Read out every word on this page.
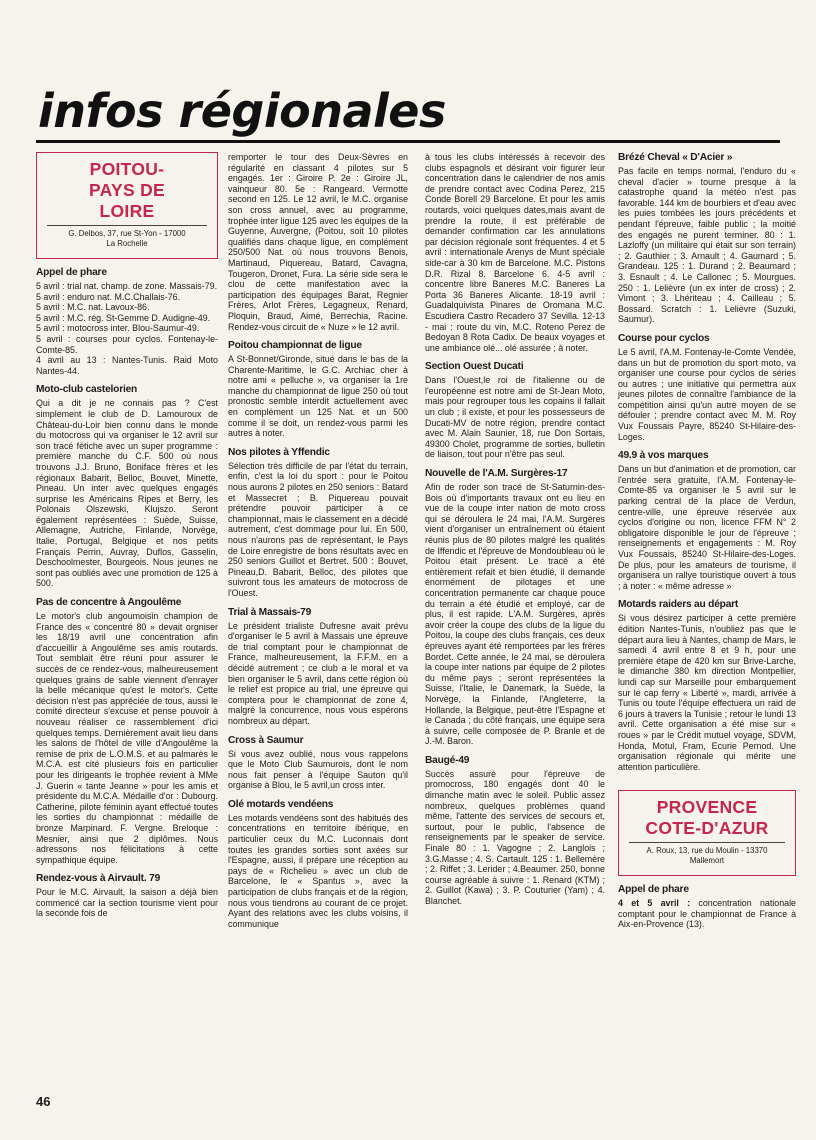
infos régionales
POITOU-
PAYS DE
LOIRE
G. Delbos, 37, rue St-Yon - 17000
La Rochelle
Appel de phare
5 avril : trial nat. champ. de zone. Massais-79.
5 avril : enduro nat. M.C.Challais-76.
5 avril : M.C. nat. Lavoux-86.
5 avril : M.C. rég. St-Gemme D. Audigne-49.
5 avril : motocross inter. Blou-Saumur-49.
5 avril : courses pour cyclos. Fontenay-le-Comte-85.
4 avril au 13 : Nantes-Tunis. Raid Moto Nantes-44.
Moto-club castelorien

Qui a dit je ne connais pas ? C'est simplement le club de D. Lamouroux de Château-du-Loir bien connu dans le monde du motocross qui va organiser le 12 avril sur son tracé fétiche avec un super programme : première manche du C.F. 500 où nous trouvons J.J. Bruno, Boniface frères et les régionaux Babarit, Belloc, Bouvet, Minette, Pineau. Un inter avec quelques engagés surprise les Américains Ripes et Berry, les Polonais Olszewski, Klujszo. Seront également représentées : Suède, Suisse, Allemagne, Autriche, Finlande, Norvège, Italie, Portugal, Belgique et nos petits Français Perrin, Auvray, Duflos, Gasselin, Deschoolmester, Bourgeois. Nous jeunes ne sont pas oubliés avec une promotion de 125 à 500.

Pas de concentre à Angoulême

Le motor's club angoumoisin champion de France des « concentré 80 » devait orgniser les 18/19 avril une concentration afin d'accueillir à Angoulême ses amis routards. Tout semblait être réuni pour assurer le succès de ce rendez-vous, malheureusement quelques grains de sable viennent d'enrayer la belle mécanique qu'est le motor's. Cette décision n'est pas appréciée de tous, aussi le comité directeur s'excuse et pense pouvoir à nouveau réaliser ce rassemblement d'ici quelques temps. Dernièrement avait lieu dans les salons de l'hôtel de ville d'Angoulême la remise de prix de L.O.M.S. et au palmarès le M.C.A. est cité plusieurs fois en particulier pour les dirigeants le trophée revient à MMe J. Guerin « tante Jeanne » pour les amis et présidente du M.C.A. Médaille d'or : Dubourg. Catherine, pilote féminin ayant effectué toutes les sorties du championnat : médaille de bronze Marpinard. F. Vergne. Breloque : Mesnier, ainsi que 2 diplômes. Nous adressons nos félicitations à cette sympathique équipe.

Rendez-vous à Airvault. 79

Pour le M.C. Airvault, la saison a déjà bien commencé car la section tourisme vient pour la seconde fois de

remporter le tour des Deux-Sèvres en régularité en classant 4 pilotes sur 5 engagés. 1er : Giroire P. 2e : Giroire JL, vainqueur 80. 5e : Rangeard. Vermotte second en 125. Le 12 avril, le M.C. organise son cross annuel, avec au programme, trophée inter ligue 125 avec les équipes de la Guyenne, Auvergne, (Poitou, soit 10 pilotes qualifiés dans chaque ligue, en complément 250/500 Nat. où nous trouvons Benois, Martinaud, Piquereau, Batard, Cavagna, Tougeron, Dronet, Fura. La série side sera le clou de cette manifestation avec la participation des équipages Barat, Regnier Frères, Arlot Frères, Legagneux, Renard, Ploquin, Braud, Aimé, Berrechia, Racine. Rendez-vous circuit de « Nuze » le 12 avril.

Poitou championnat de ligue

A St-Bonnet/Gironde, situé dans le bas de la Charente-Maritime, le G.C. Archiac cher à notre ami « pelluche », va organiser la 1re manche du championnat de ligue 250 où tout pronostic semble interdit actuellement avec en complément un 125 Nat. et un 500 comme il se doit, un rendez-vous parmi les autres à noter.

Nos pilotes à Yffendic

Sélection très difficile de par l'état du terrain, enfin, c'est la loi du sport : pour le Poitou nous aurons 2 pilotes en 250 seniors : Batard et Massecret ; B. Piquereau pouvait prétendre pouvoir participer à ce championnat, mais le classement en a décidé autrement, c'est dommage pour lui. En 500, nous n'aurons pas de représentant, le Pays de Loire enregistre de bons résultats avec en 250 seniors Guillot et Bertret. 500 : Bouvet, Pineau,D. Babarit, Belloc, des pilotes que suivront tous les amateurs de motocross de l'Ouest.

Trial à Massais-79

Le président trialiste Dufresne avait prévu d'organiser le 5 avril à Massais une épreuve de trial comptant pour le championnat de France, malheureusement, la F.F.M. en a décidé autrement ; ce club a le moral et va bien organiser le 5 avril, dans cette région où le relief est propice au trial, une épreuve qui comptera pour le championnat de zone 4, malgré la concurrence, nous vous espérons nombreux au départ.

Cross à Saumur

Si vous avez oublié, nous vous rappelons que le Moto Club Saumurois, dont le nom nous fait penser à l'équipe Sauton qu'il organise à Blou, le 5 avril,un cross inter.

Olé motards vendéens

Les motards vendéens sont des habitués des concentrations en territoire ibérique, en particulier ceux du M.C. Luconnais dont toutes les grandes sorties sont axées sur l'Espagne, aussi, il prépare une réception au pays de « Richelieu » avec un club de Barcelone, le « Spantus », avec la participation de clubs français et de la région, nous vous tiendrons au courant de ce projet. Ayant des relations avec les clubs voisins, il communique

à tous les clubs intéressés à recevoir des clubs espagnols et désirant voir figurer leur concentration dans le calendrier de nos amis de prendre contact avec Codina Perez, 215 Conde Borell 29 Barcelone. Et pour les amis routards, voici quelques dates,mais avant de prendre la route, il est préférable de demander confirmation car les annulations par décision régionale sont fréquentes. 4 et 5 avril : internationale Arenys de Munt spéciale side-car à 30 km de Barcelone. M.C. Pistons D.R. Rizal 8. Barcelone 6. 4-5 avril : concentre libre Baneres M.C. Baneres La Porta 36 Baneres Alicante. 18-19 avril : Guadalquivista Pinares de Oromana M.C. Escudiera Castro Recadero 37 Sevilla. 12-13 - mai : route du vin, M.C. Roteno Perez de Bedoyan 8 Rota Cadix. De beaux voyages et une ambiance olé... olé assurée ; à noter.

Section Ouest Ducati

Dans l'Ouest,le roi de l'italienne ou de l'européenne est notre ami de St-Jean Moto, mais pour regrouper tous les copains il fallait un club ; il existe, et pour les possesseurs de Ducati-MV de notre région, prendre contact avec M. Alain Saunier, 18, rue Don Sortais, 49300 Cholet, programme de sorties, bulletin de liaison, tout pour n'être pas seul.

Nouvelle de l'A.M. Surgères-17

Afin de roder son tracé de St-Saturnin-des-Bois où d'importants travaux ont eu lieu en vue de la coupe inter nation de moto cross qui se déroulera le 24 mai, l'A.M. Surgères vient d'organiser un entraînement où étaient réunis plus de 80 pilotes malgré les qualités de Iffendic et l'épreuve de Mondoubleau où le Poitou était présent. Le tracé a été entièrement refait et bien étudié, il demande énormément de pilotages et une concentration permanente car chaque pouce du terrain a été étudié et employé, car de plus, il est rapide. L'A.M. Surgères, après avoir créer la coupe des clubs de la ligue du Poitou, la coupe des clubs français, ces deux épreuves ayant été remportées par les frères Bordet. Cette année, le 24 mai, se déroulera la coupe inter nations par équipe de 2 pilotes du même pays ; seront représentées la Suisse, l'Italie, le Danemark, la Suède, la Norvège, la Finlande, l'Angleterre, la Hollande, la Belgique, peut-être l'Espagne et le Canada ; du côté français, une équipe sera à suivre, celle composée de P. Branle et de J.-M. Baron.

Baugé-49

Succès assuré pour l'épreuve de promocross, 180 engagés dont 40 le dimanche matin avec le soleil. Public assez nombreux, quelques problèmes quand même, l'attente des services de secours et, surtout, pour le public, l'absence de renseignements par le speaker de service. Finale 80 : 1. Vagogne ; 2. Langlois ; 3.G.Masse ; 4. S. Cartault. 125 : 1. Bellemère ; 2. Riffet ; 3. Lerider ; 4.Beaumer. 250, bonne course agréable à suivre : 1. Renard (KTM) ; 2. Guillot (Kawa) ; 3. P. Couturier (Yam) ; 4. Blanchet.

Brézé Cheval « D'Acier »

Pas facile en temps normal, l'enduro du « cheval d'acier » tourne presque à la catastrophe quand la météo n'est pas favorable. 144 km de bourbiers et d'eau avec les puies tombées les jours précédents et pendant l'épreuve, faible public ; la moitié des engagés ne purent terminer. 80 : 1. Lazloffy (un militaire qui était sur son terrain) ; 2. Gauthier ; 3. Arnault ; 4. Gaumard ; 5. Grandeau. 125 : 1. Durand ; 2. Beaumard ; 3. Esnault ; 4. Le Callonec ; 5. Mourgues. 250 : 1. Lelièvre (un ex inter de cross) ; 2. Vimont ; 3. Lhériteau ; 4. Cailleau ; 5. Bossard. Scratch : 1. Lelièvre (Suzuki, Saumur).

Course pour cyclos

Le 5 avril, l'A.M. Fontenay-le-Comte Vendée, dans un but de promotion du sport moto, va organiser une course pour cyclos de séries ou autres ; une initiative qui permettra aux jeunes pilotes de connaître l'ambiance de la compétition ainsi qu'un autre moyen de se défouler ; prendre contact avec M. M. Roy Vux Foussais Payre, 85240 St-Hilaire-des-Loges.

49.9 à vos marques

Dans un but d'animation et de promotion, car l'entrée sera gratuite, l'A.M. Fontenay-le-Comte-85 va organiser le 5 avril sur le parking central de la place de Verdun, centre-ville, une épreuve réservée aux cyclos d'origine ou non, licence FFM N° 2 obligatoire disponible le jour de l'épreuve ; renseignements et engagements : M. Roy Vux Foussais, 85240 St-Hilaire-des-Loges. De plus, pour les amateurs de tourisme, il organisera un rallye touristique ouvert à tous ; à noter : « même adresse »

Motards raiders au départ

Si vous désirez participer à cette première édition Nantes-Tunis, n'oubliez pas que le départ aura lieu à Nantes, champ de Mars, le samedi 4 avril entre 8 et 9 h, pour une première étape de 420 km sur Brive-Larche, le dimanche 380 km direction Montpellier, lundi cap sur Marseille pour embarquement sur le cap ferry « Liberté », mardi, arrivée à Tunis ou toute l'équipe effectuera un raid de 6 jours à travers la Tunisie ; retour le lundi 13 avril. Cette organisation a été mise sur « roues » par le Crédit mutuel voyage, SDVM, Honda, Motul, Fram, Ecurie Pernod. Une organisation régionale qui mérite une attention particulière.

PROVENCE
COTE-D'AZUR
A. Roux, 13, rue du Moulin - 13370
Mallemort
Appel de phare

4 et 5 avril : concentration nationale comptant pour le championnat de France à Aix-en-Provence (13).

46
